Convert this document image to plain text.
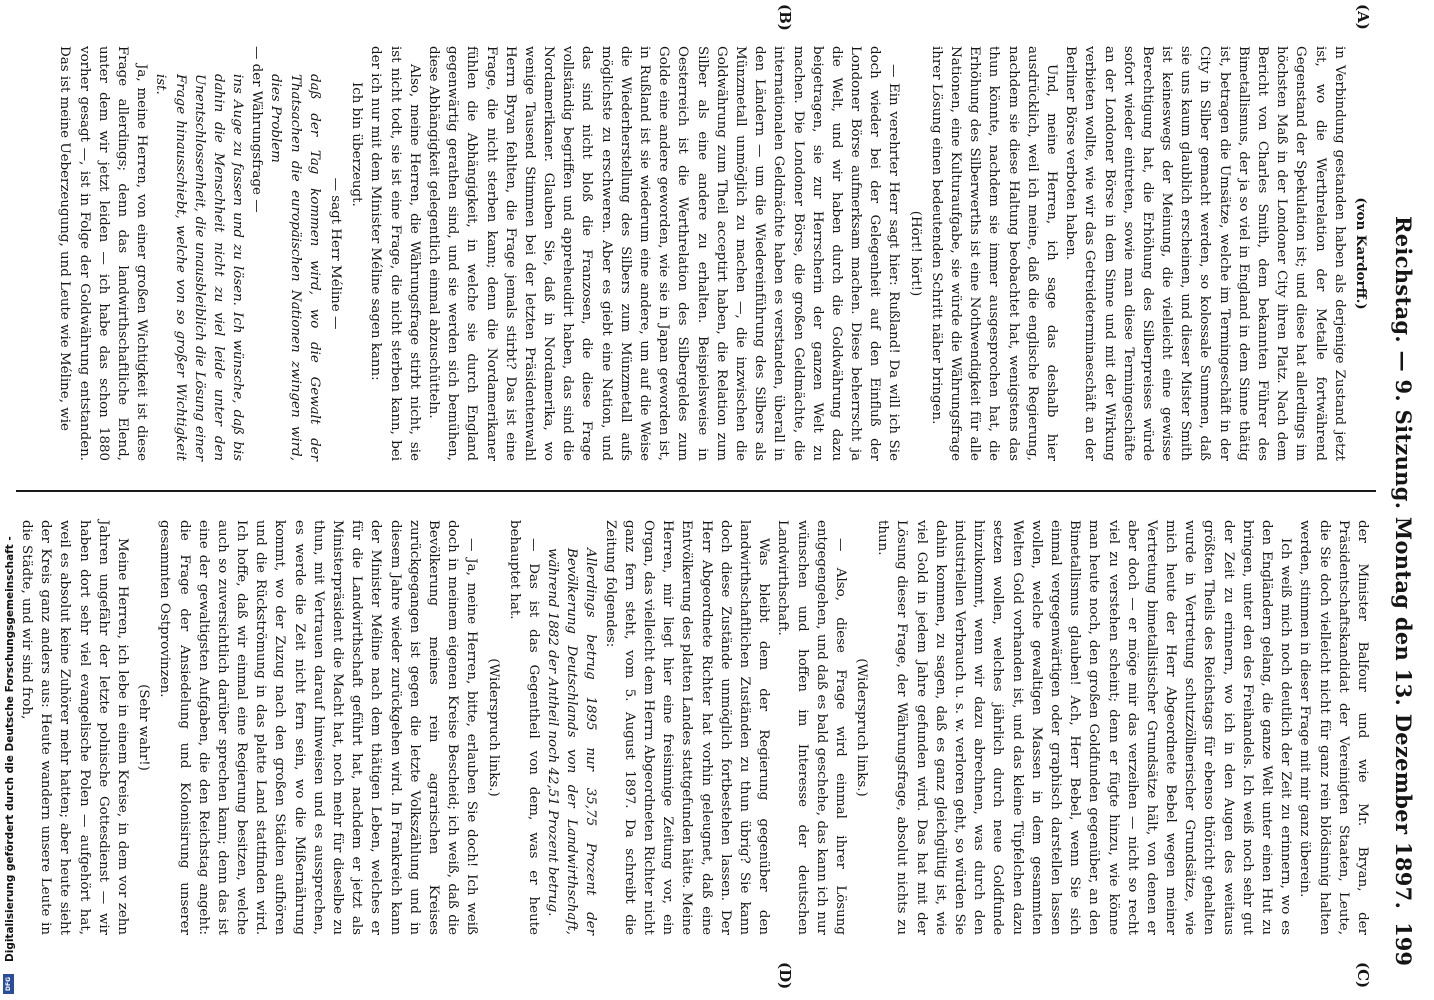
Reichstag. — 9. Sitzung. Montag den 13. Dezember 1897.
199
(A)
(B)
(C)
(D)

(von Kardorff.)

in Verbindung gestanden haben als derjenige Zustand jetzt ist, wo die Werthrelation der Metalle fortwährend Gegenstand der Spekulation ist; und diese hat allerdings im höchsten Maß in der Londoner City ihren Platz. Nach dem Bericht von Charles Smith, dem bekannten Führer des Bimetallismus, der ja so viel in England in dem Sinne thätig ist, betragen die Umsätze, welche im Termingeschäft in der City in Silber gemacht werden, so kolossale Summen, daß sie uns kaum glaublich erscheinen, und dieser Mister Smith ist keineswegs der Meinung, die vielleicht eine gewisse Berechtigung hat, die Erhöhung des Silberpreises würde sofort wieder eintreten, sowie man diese Termingeschäfte an der Londoner Börse in dem Sinne und mit der Wirkung verbieten wollte, wie wir das Getreideterminaeschäft an der Berliner Börse verboten haben.

Und, meine Herren, ich sage das deshalb hier ausdrücklich, weil ich meine, daß die englische Regierung, nachdem sie diese Haltung beobachtet hat, wenigstens das thun könnte, nachdem sie immer ausgesprochen hat, die Erhöhung des Silberwerths ist eine Nothwendigkeit für alle Nationen, eine Kulturaufgabe, sie würde die Währungsfrage ihrer Lösung einen bedeutenden Schritt näher bringen.

(Hört! hört!)

— Ein verehrter Herr sagt hier: Rußland! Da will ich Sie doch wieder bei der Gelegenheit auf den Einfluß der Londoner Börse aufmerksam machen. Diese beherrscht ja die Welt, und wir haben durch die Goldwährung dazu beigetragen, sie zur Herrscherin der ganzen Welt zu machen. Die Londoner Börse, die großen Geldmächte, die internationalen Geldmächte haben es verstanden, überall in den Ländern — um die Wiedereinführung des Silbers als Münzmetall unmöglich zu machen —, die inzwischen die Goldwährung zum Theil acceptirt haben, die Relation zum Silber als eine andere zu erhalten. Beispielsweise in Oesterreich ist die Werthrelation des Silbergeldes zum Golde eine andere geworden, wie sie in Japan geworden ist, in Rußland ist sie wiederum eine andere, um auf die Weise die Wiederherstellung des Silbers zum Münzmetall aufs möglichste zu erschweren. Aber es giebt eine Nation, und das sind nicht bloß die Franzosen, die diese Frage vollständig begriffen und appreheudirt haben, das sind die Nordamerikaner. Glauben Sie, daß in Nordamerika, wo wenige Tausend Stimmen bei der letzten Präsidentenwahl Herrn Bryan fehlten, die Frage jemals stirbt? Das ist eine Frage, die nicht sterben kann; denn die Nordamerikaner fühlen die Abhängigkeit, in welche sie durch England gegenwärtig gerathen sind, und sie werden sich bemühen, diese Abhängigkeit gelegentlich einmal abzuschütteln.

Also, meine Herren, die Währungsfrage stirbt nicht, sie ist nicht todt, sie ist eine Frage, die nicht sterben kann, bei der ich nur mit dem Minister Méline sagen kann:

Ich bin überzeugt.

— sagt Herr Méline —

daß der Tag kommen wird, wo die Gewalt der Thatsachen die europäischen Nationen zwingen wird, dies Problem

— der Währungsfrage —

ins Auge zu fassen und zu lösen. Ich wünsche, daß bis dahin die Menschheit nicht zu viel leide unter den Unentschlossenheit, die unausbleiblich die Lösung einer Frage hinausschiebt, welche von so großer Wichtigkeit ist.

Ja, meine Herren, von einer großen Wichtigkeit ist diese Frage allerdings; denn das landwirthschaftliche Elend, unter dem wir jetzt leiden — ich habe das schon 1880 vorher gesagt —, ist in Folge der Goldwährung entstanden. Das ist meine Ueberzeugung, und Leute wie Méline, wie

der Minister Balfour und wie Mr. Bryan, der Präsidentschaftskandidat der Vereinigten Staaten, Leute, die Sie doch vielleicht nicht für ganz rein blödsinnig halten werden, stimmen in dieser Frage mit mir ganz überein.

Ich weiß mich noch deutlich der Zeit zu erinnern, wo es den Engländern gelang, die ganze Welt unter einen Hut zu bringen, unter den des Freihandels. Ich weiß noch sehr gut der Zeit zu erinnern, wo ich in den Augen des weitaus größten Theils des Reichstags für ebenso thöricht gehalten wurde in Vertretung schutzzöllnerischer Grundsätze, wie mich heute der Herr Abgeordnete Bebel wegen meiner Vertretung bimetallistischer Grundsätze hält, von denen er aber doch — er möge mir das verzeihen — nicht so recht viel zu verstehen scheint; denn er fügte hinzu, wie könne man heute noch, den großen Goldfunden gegenüber, an den Bimetallismus glauben! Ach, Herr Bebel, wenn Sie sich einmal vergegenwärtigen oder graphisch darstellen lassen wollen, welche gewaltigen Massen in dem gesammten Welten Gold vorhanden ist, und das kleine Tüpfelchen dazu setzen wollen, welches jährlich durch neue Goldfunde hinzukommt, wenn wir dazu abrechnen, was durch den industriellen Verbrauch u. s. w. verloren geht, so würden Sie dahin kommen, zu sagen, daß es ganz gleichgültig ist, wie viel Gold in jedem Jahre gefunden wird. Das hat mit der Lösung dieser Frage, der Währungsfrage, absolut nichts zu thun.

(Widerspruch links.)

— Also, diese Frage wird einmal ihrer Lösung entgegengehen, und daß es bald geschehe, das kann ich nur wünschen und hoffen im Interesse der deutschen Landwirthschaft.

Was bleibt dem der Regierung gegenüber den landwirthschaftlichen Zuständen zu thun übrig? Sie kann doch diese Zustände unmöglich fortbestehen lassen. Der Herr Abgeordnete Richter hat vorhin geleugnet, daß eine Entvölkerung des platten Landes stattgefunden hätte. Meine Herren, mir liegt hier eine freisinnige Zeitung vor, ein Organ, das vielleicht dem Herrn Abgeordneten Richter nicht ganz fern steht, vom 5. August 1897. Da schreibt die Zeitung folgendes:

Allerdings betrug 1895 nur 35,75 Prozent der Bevölkerung Deutschlands von der Landwirthschaft, während 1882 der Antheil noch 42,51 Prozent betrug.

— Das ist das Gegentheil von dem, was er heute behauptet hat.

(Widerspruch links.)

— Ja, meine Herren, bitte, erlauben Sie doch! Ich weiß doch in meinem eigenen Kreise Bescheid; ich weiß, daß die Bevölkerung meines rein agrarischen Kreises zurückgegangen ist gegen die letzte Volkszählung und in diesem Jahre wieder zurückgehen wird. In Frankreich kann der Minister Méline nach dem thätigen Leben, welches er für die Landwirthschaft geführt hat, nachdem er jetzt als Ministerpräsident die Macht hat, noch mehr für dieselbe zu thun, mit Vertrauen darauf hinweisen und es aussprechen, es werde die Zeit nicht fern sein, wo die Mißernährung kommt, wo der Zuzug nach den großen Städten aufhören und die Rückströmung in das platte Land stattfinden wird. Ich hoffe, daß wir einmal eine Regierung besitzen, welche auch so zuversichtlich darüber sprechen kann; denn das ist eine der gewaltigsten Aufgaben, die den Reichstag angeht: die Frage der Ansiedelung und Kolonisirung unserer gesammten Ostprovinzen.

(Sehr wahr!)

Meine Herren, ich lebe in einem Kreise, in dem vor zehn Jahren ungefähr der letzte polnische Gottesdienst — wir haben dort sehr viel evangelische Polen — aufgehört hat, weil es absolut keine Zuhörer mehr hatten; aber heute sieht der Kreis ganz anders aus: Heute wandern unsere Leute in die Städte, und wir sind froh,

Digitalisierung gefördert durch die Deutsche Forschungsgemeinschaft -
DFG
